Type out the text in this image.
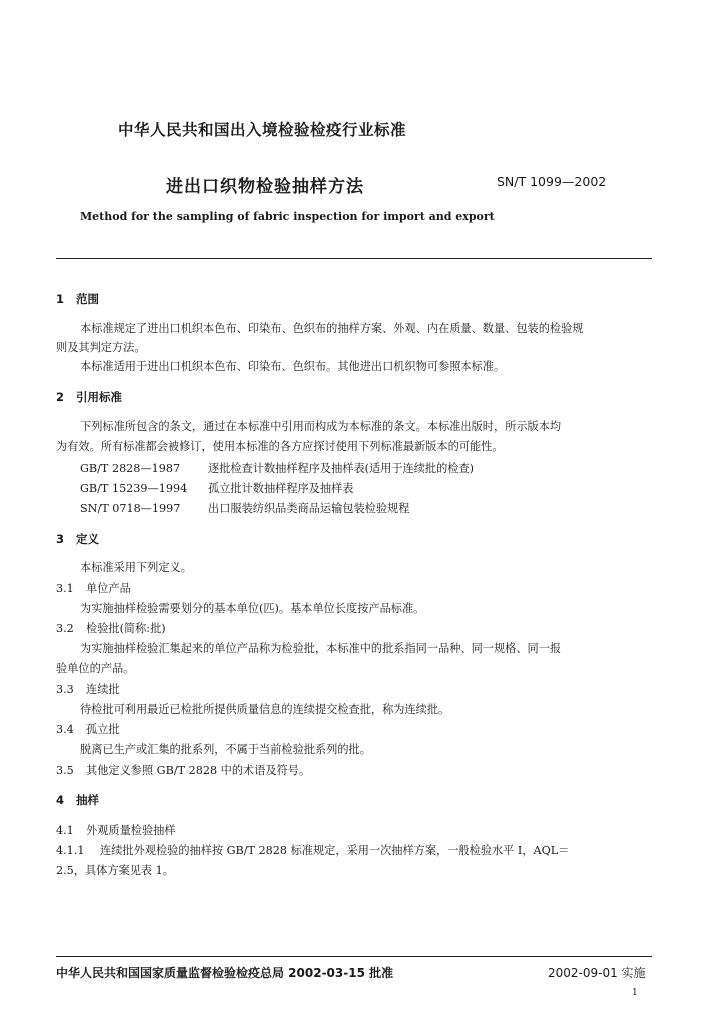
中华人民共和国出入境检验检疫行业标准
进出口织物检验抽样方法	SN/T 1099—2002
Method for the sampling of fabric inspection for import and export
1 范围
本标准规定了进出口机织本色布、印染布、色织布的抽样方案、外观、内在质量、数量、包装的检验规
则及其判定方法。
本标准适用于进出口机织本色布、印染布、色织布。其他进出口机织物可参照本标准。
2 引用标准
下列标准所包含的条文，通过在本标准中引用而构成为本标准的条文。本标准出版时，所示版本均
为有效。所有标准都会被修订，使用本标准的各方应探讨使用下列标准最新版本的可能性。
GB/T 2828—1987 逐批检查计数抽样程序及抽样表(适用于连续批的检查)
GB/T 15239—1994 孤立批计数抽样程序及抽样表
SN/T 0718—1997 出口服装纺织品类商品运输包装检验规程
3 定义
本标准采用下列定义。
3.1 单位产品
为实施抽样检验需要划分的基本单位(匹)。基本单位长度按产品标准。
3.2 检验批(简称:批)
为实施抽样检验汇集起来的单位产品称为检验批，本标准中的批系指同一品种、同一规格、同一报
验单位的产品。
3.3 连续批
待检批可利用最近已检批所提供质量信息的连续提交检查批，称为连续批。
3.4 孤立批
脱离已生产或汇集的批系列，不属于当前检验批系列的批。
3.5 其他定义参照 GB/T 2828 中的术语及符号。
4 抽样
4.1 外观质量检验抽样
4.1.1 连续批外观检验的抽样按 GB/T 2828 标准规定，采用一次抽样方案，一般检验水平 Ⅰ，AQL＝
2.5，具体方案见表 1。
中华人民共和国国家质量监督检验检疫总局 2002-03-15 批准	2002-09-01 实施
1
